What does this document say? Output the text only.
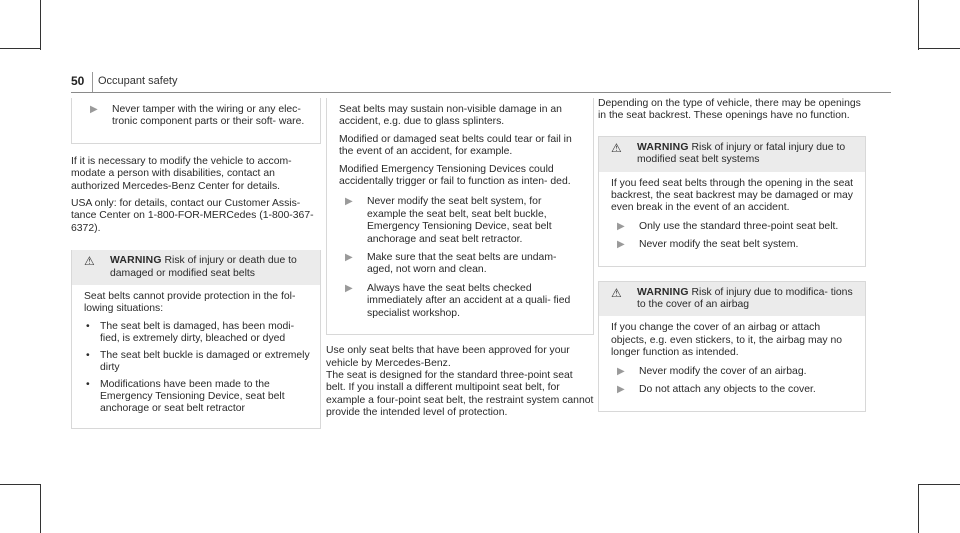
50 Occupant safety
▶	Never tamper with the wiring or any elec- tronic component parts or their soft- ware.

If it is necessary to modify the vehicle to accom- modate a person with disabilities, contact an authorized Mercedes-Benz Center for details.

USA only: for details, contact our Customer Assis- tance Center on 1-800-FOR-MERCedes (1-800-367-6372).

⚠	WARNING Risk of injury or death due to damaged or modified seat belts

Seat belts cannot provide protection in the fol- lowing situations:

• The seat belt is damaged, has been modi- fied, is extremely dirty, bleached or dyed
• The seat belt buckle is damaged or extremely dirty
• Modifications have been made to the Emergency Tensioning Device, seat belt anchorage or seat belt retractor

Seat belts may sustain non-visible damage in an accident, e.g. due to glass splinters.

Modified or damaged seat belts could tear or fail in the event of an accident, for example.

Modified Emergency Tensioning Devices could accidentally trigger or fail to function as inten- ded.

▶	Never modify the seat belt system, for example the seat belt, seat belt buckle, Emergency Tensioning Device, seat belt anchorage and seat belt retractor.
▶	Make sure that the seat belts are undam- aged, not worn and clean.
▶	Always have the seat belts checked immediately after an accident at a quali- fied specialist workshop.

Use only seat belts that have been approved for your vehicle by Mercedes-Benz.

The seat is designed for the standard three-point seat belt. If you install a different multipoint seat belt, for example a four-point seat belt, the restraint system cannot provide the intended level of protection.

Depending on the type of vehicle, there may be openings in the seat backrest. These openings have no function.

⚠	WARNING Risk of injury or fatal injury due to modified seat belt systems

If you feed seat belts through the opening in the seat backrest, the seat backrest may be damaged or may even break in the event of an accident.

▶	Only use the standard three-point seat belt.
▶	Never modify the seat belt system.
⚠	WARNING Risk of injury due to modifica- tions to the cover of an airbag

If you change the cover of an airbag or attach objects, e.g. even stickers, to it, the airbag may no longer function as intended.

▶	Never modify the cover of an airbag.
▶	Do not attach any objects to the cover.
